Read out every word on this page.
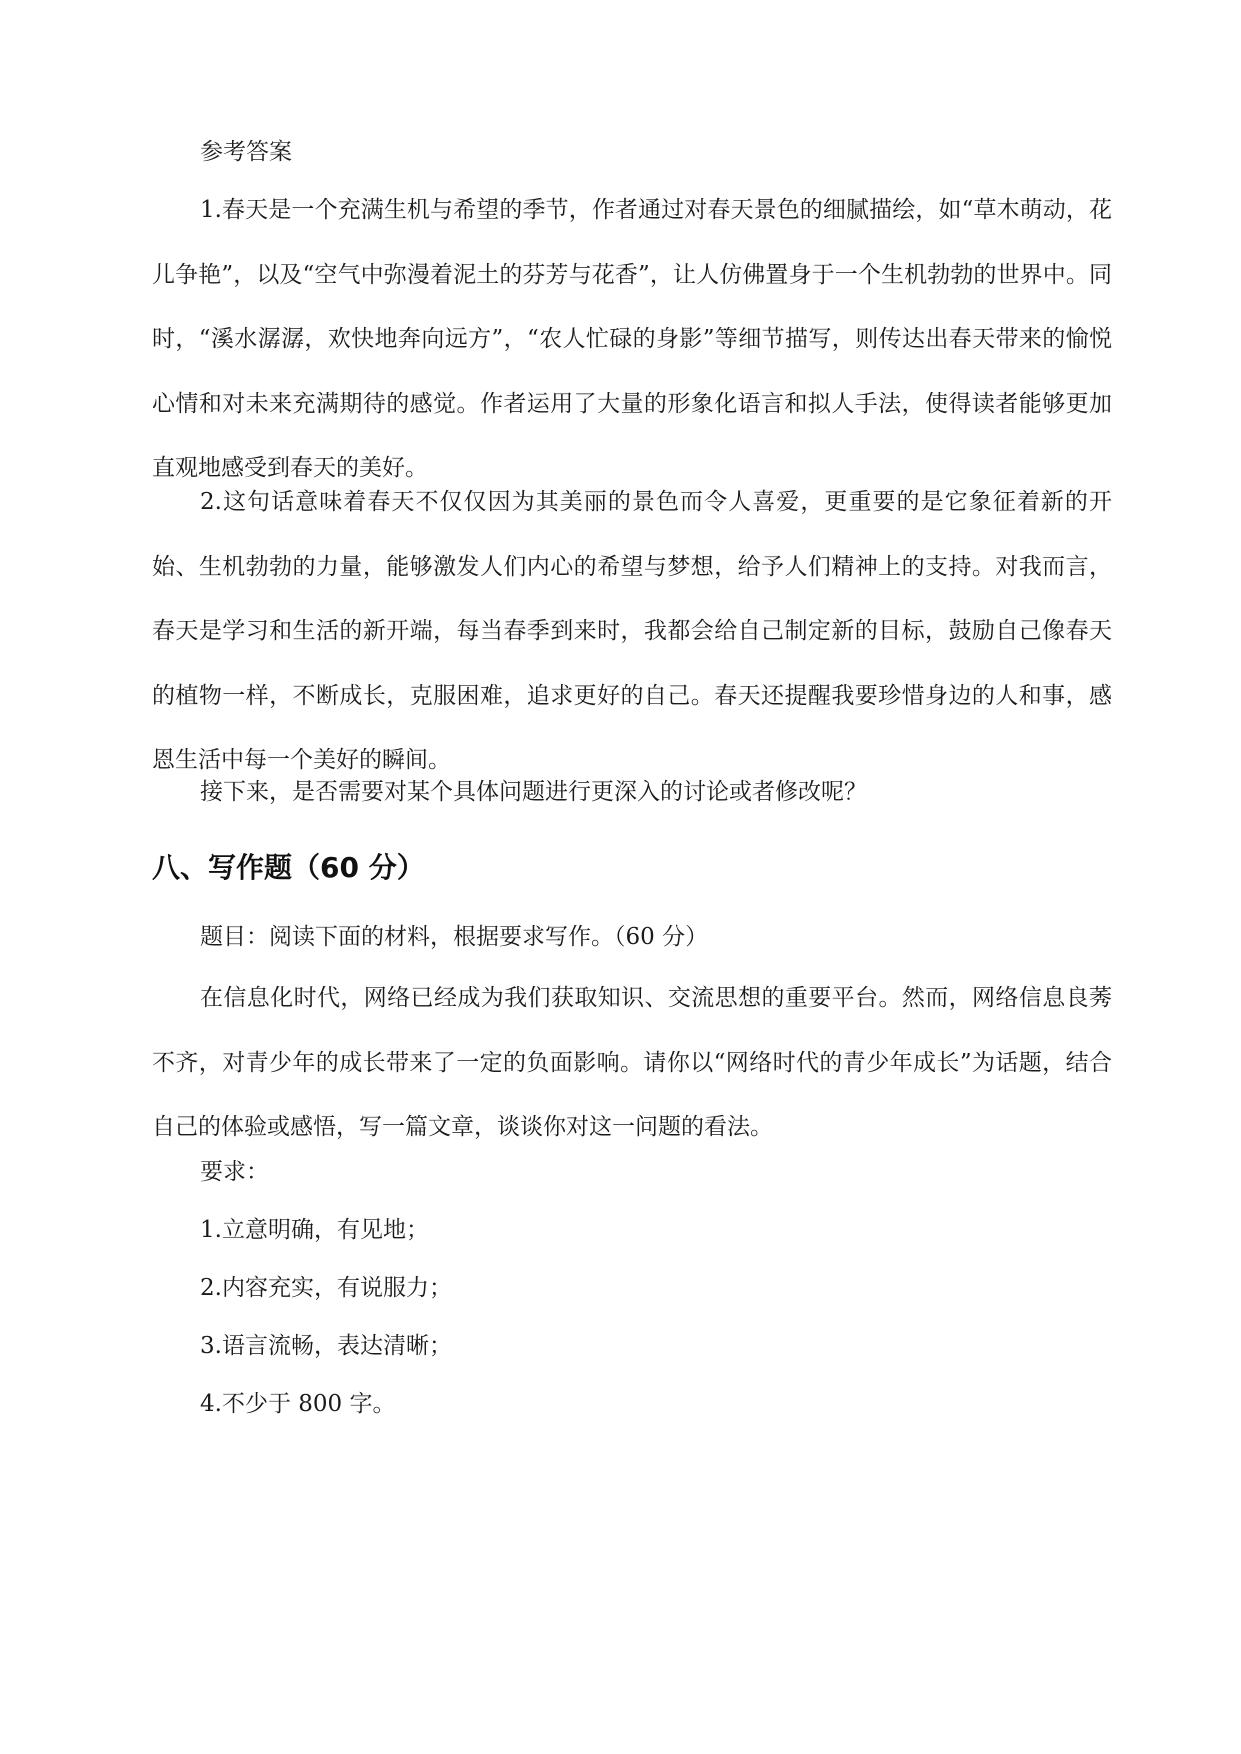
参考答案

1.春天是一个充满生机与希望的季节，作者通过对春天景色的细腻描绘，如“草木萌动，花儿争艳”，以及“空气中弥漫着泥土的芬芳与花香”，让人仿佛置身于一个生机勃勃的世界中。同时，“溪水潺潺，欢快地奔向远方”，“农人忙碌的身影”等细节描写，则传达出春天带来的愉悦心情和对未来充满期待的感觉。作者运用了大量的形象化语言和拟人手法，使得读者能够更加直观地感受到春天的美好。

2.这句话意味着春天不仅仅因为其美丽的景色而令人喜爱，更重要的是它象征着新的开始、生机勃勃的力量，能够激发人们内心的希望与梦想，给予人们精神上的支持。对我而言，春天是学习和生活的新开端，每当春季到来时，我都会给自己制定新的目标，鼓励自己像春天的植物一样，不断成长，克服困难，追求更好的自己。春天还提醒我要珍惜身边的人和事，感恩生活中每一个美好的瞬间。

接下来，是否需要对某个具体问题进行更深入的讨论或者修改呢？

八、写作题（60 分）

题目：阅读下面的材料，根据要求写作。（60 分）

在信息化时代，网络已经成为我们获取知识、交流思想的重要平台。然而，网络信息良莠不齐，对青少年的成长带来了一定的负面影响。请你以“网络时代的青少年成长”为话题，结合自己的体验或感悟，写一篇文章，谈谈你对这一问题的看法。

要求：

1.立意明确，有见地；

2.内容充实，有说服力；

3.语言流畅，表达清晰；

4.不少于 800 字。
